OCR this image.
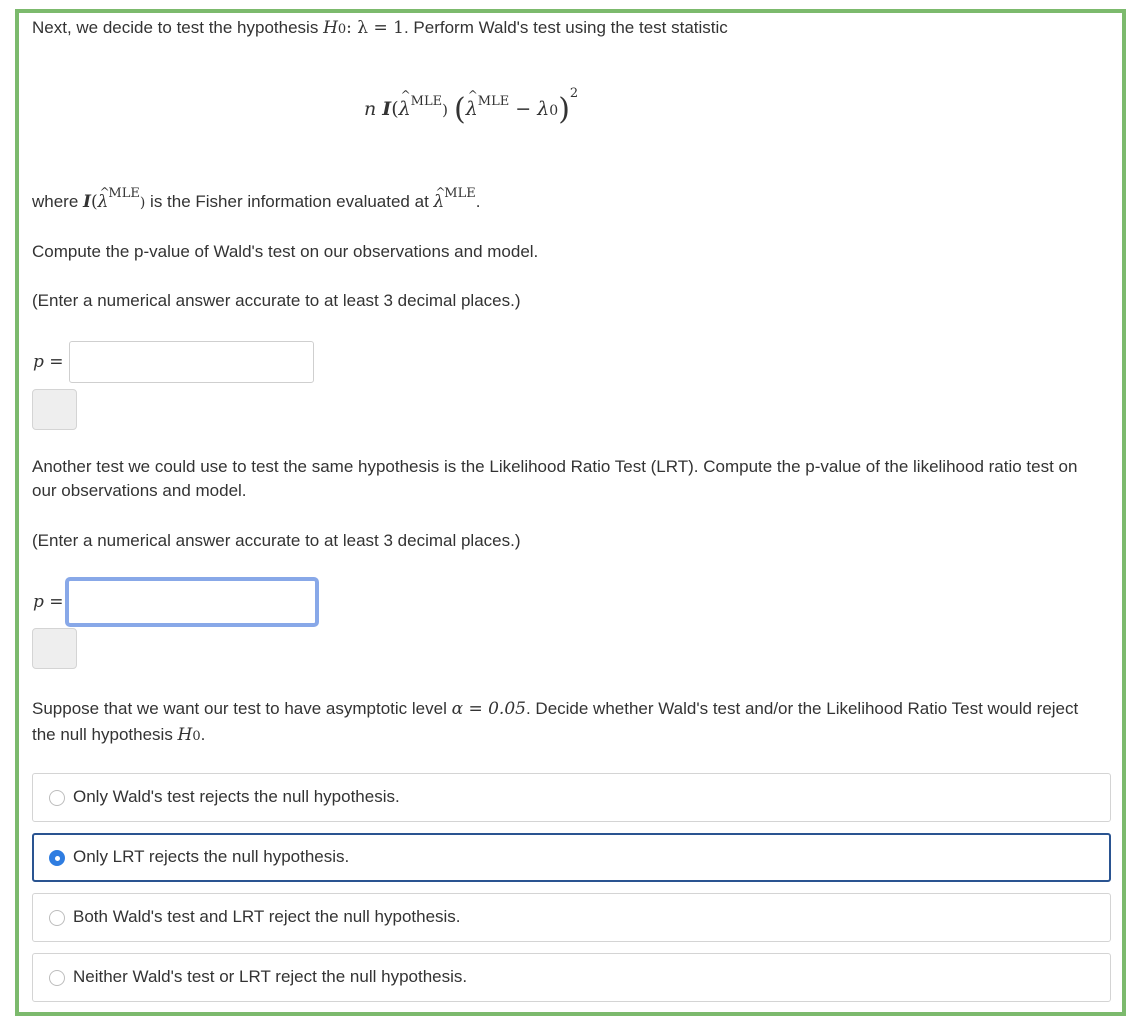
Next, we decide to test the hypothesis H0: λ = 1. Perform Wald's test using the test statistic

n I(^ $\lambda^{MLE}$) (^ $\lambda^{MLE} - \lambda 0)^2$

where I(^ $\lambda^{MLE}$) is the Fisher information evaluated at ^ $\lambda^{MLE}$.

Compute the p-value of Wald's test on our observations and model.

(Enter a numerical answer accurate to at least 3 decimal places.)

p =

Another test we could use to test the same hypothesis is the Likelihood Ratio Test (LRT). Compute the p-value of the likelihood ratio test on our observations and model.

(Enter a numerical answer accurate to at least 3 decimal places.)

p =

Suppose that we want our test to have asymptotic level α = 0.05. Decide whether Wald's test and/or the Likelihood Ratio Test would reject the null hypothesis H0.

Only Wald's test rejects the null hypothesis.
Only LRT rejects the null hypothesis.
Both Wald's test and LRT reject the null hypothesis.
Neither Wald's test or LRT reject the null hypothesis.
